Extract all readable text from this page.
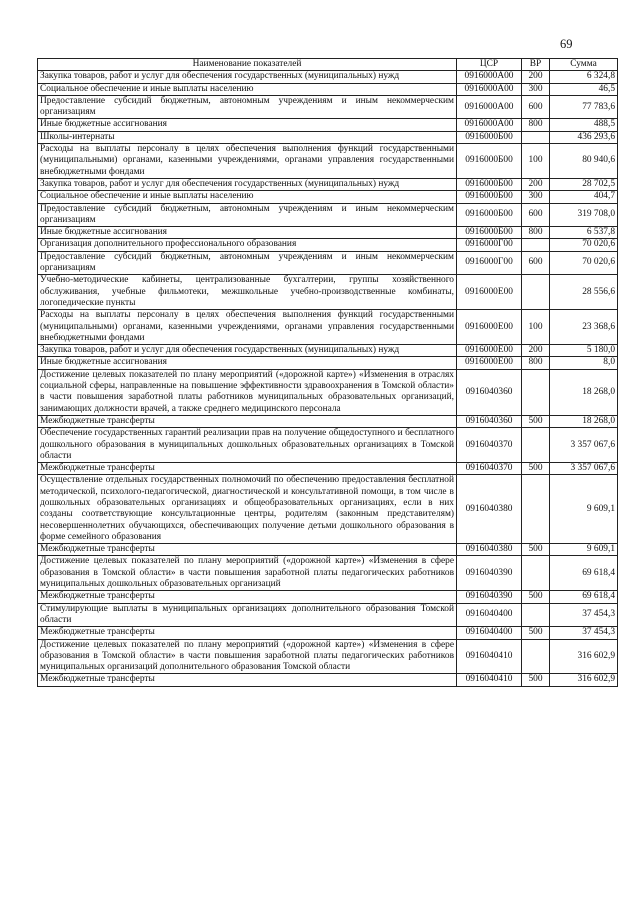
69
Наименование показателей	ЦСР	ВР	Сумма
Закупка товаров, работ и услуг для обеспечения государственных (муниципальных) нужд	0916000А00	200	6 324,8
Социальное обеспечение и иные выплаты населению	0916000А00	300	46,5
Предоставление субсидий бюджетным, автономным учреждениям и иным некоммерческим организациям	0916000А00	600	77 783,6
Иные бюджетные ассигнования	0916000А00	800	488,5
Школы-интернаты	0916000Б00		436 293,6
Расходы на выплаты персоналу в целях обеспечения выполнения функций государственными (муниципальными) органами, казенными учреждениями, органами управления государственными внебюджетными фондами	0916000Б00	100	80 940,6
Закупка товаров, работ и услуг для обеспечения государственных (муниципальных) нужд	0916000Б00	200	28 702,5
Социальное обеспечение и иные выплаты населению	0916000Б00	300	404,7
Предоставление субсидий бюджетным, автономным учреждениям и иным некоммерческим организациям	0916000Б00	600	319 708,0
Иные бюджетные ассигнования	0916000Б00	800	6 537,8
Организация дополнительного профессионального образования	0916000Г00		70 020,6
Предоставление субсидий бюджетным, автономным учреждениям и иным некоммерческим организациям	0916000Г00	600	70 020,6
Учебно-методические кабинеты, централизованные бухгалтерии, группы хозяйственного обслуживания, учебные фильмотеки, межшкольные учебно-производственные комбинаты, логопедические пункты	0916000Е00		28 556,6
Расходы на выплаты персоналу в целях обеспечения выполнения функций государственными (муниципальными) органами, казенными учреждениями, органами управления государственными внебюджетными фондами	0916000Е00	100	23 368,6
Закупка товаров, работ и услуг для обеспечения государственных (муниципальных) нужд	0916000Е00	200	5 180,0
Иные бюджетные ассигнования	0916000Е00	800	8,0
Достижение целевых показателей по плану мероприятий («дорожной карте») «Изменения в отраслях социальной сферы, направленные на повышение эффективности здравоохранения в Томской области» в части повышения заработной платы работников муниципальных образовательных организаций, занимающих должности врачей, а также среднего медицинского персонала	0916040360		18 268,0
Межбюджетные трансферты	0916040360	500	18 268,0
Обеспечение государственных гарантий реализации прав на получение общедоступного и бесплатного дошкольного образования в муниципальных дошкольных образовательных организациях в Томской области	0916040370		3 357 067,6
Межбюджетные трансферты	0916040370	500	3 357 067,6
Осуществление отдельных государственных полномочий по обеспечению предоставления бесплатной методической, психолого-педагогической, диагностической и консультативной помощи, в том числе в дошкольных образовательных организациях и общеобразовательных организациях, если в них созданы соответствующие консультационные центры, родителям (законным представителям) несовершеннолетних обучающихся, обеспечивающих получение детьми дошкольного образования в форме семейного образования	0916040380		9 609,1
Межбюджетные трансферты	0916040380	500	9 609,1
Достижение целевых показателей по плану мероприятий («дорожной карте») «Изменения в сфере образования в Томской области» в части повышения заработной платы педагогических работников муниципальных дошкольных образовательных организаций	0916040390		69 618,4
Межбюджетные трансферты	0916040390	500	69 618,4
Стимулирующие выплаты в муниципальных организациях дополнительного образования Томской области	0916040400		37 454,3
Межбюджетные трансферты	0916040400	500	37 454,3
Достижение целевых показателей по плану мероприятий («дорожной карте») «Изменения в сфере образования в Томской области» в части повышения заработной платы педагогических работников муниципальных организаций дополнительного образования Томской области	0916040410		316 602,9
Межбюджетные трансферты	0916040410	500	316 602,9
